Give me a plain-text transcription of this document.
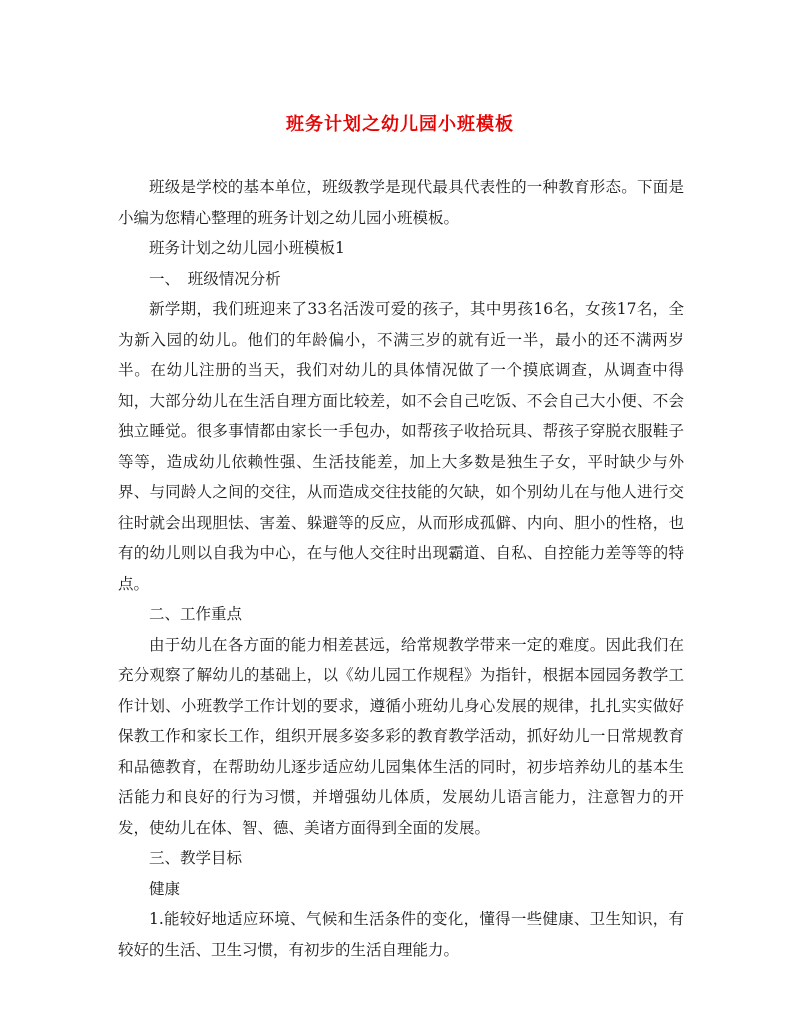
班务计划之幼儿园小班模板

班级是学校的基本单位，班级教学是现代最具代表性的一种教育形态。下面是小编为您精心整理的班务计划之幼儿园小班模板。

班务计划之幼儿园小班模板1

一、　班级情况分析

新学期，我们班迎来了33名活泼可爱的孩子，其中男孩16名，女孩17名，全为新入园的幼儿。他们的年龄偏小，不满三岁的就有近一半，最小的还不满两岁半。在幼儿注册的当天，我们对幼儿的具体情况做了一个摸底调查，从调查中得知，大部分幼儿在生活自理方面比较差，如不会自己吃饭、不会自己大小便、不会独立睡觉。很多事情都由家长一手包办，如帮孩子收拾玩具、帮孩子穿脱衣服鞋子等等，造成幼儿依赖性强、生活技能差，加上大多数是独生子女，平时缺少与外界、与同龄人之间的交往，从而造成交往技能的欠缺，如个别幼儿在与他人进行交往时就会出现胆怯、害羞、躲避等的反应，从而形成孤僻、内向、胆小的性格，也有的幼儿则以自我为中心，在与他人交往时出现霸道、自私、自控能力差等等的特点。

二、工作重点

由于幼儿在各方面的能力相差甚远，给常规教学带来一定的难度。因此我们在充分观察了解幼儿的基础上，以《幼儿园工作规程》为指针，根据本园园务教学工作计划、小班教学工作计划的要求，遵循小班幼儿身心发展的规律，扎扎实实做好保教工作和家长工作，组织开展多姿多彩的教育教学活动，抓好幼儿一日常规教育和品德教育，在帮助幼儿逐步适应幼儿园集体生活的同时，初步培养幼儿的基本生活能力和良好的行为习惯，并增强幼儿体质，发展幼儿语言能力，注意智力的开发，使幼儿在体、智、德、美诸方面得到全面的发展。

三、教学目标

健康

1.能较好地适应环境、气候和生活条件的变化，懂得一些健康、卫生知识，有较好的生活、卫生习惯，有初步的生活自理能力。
